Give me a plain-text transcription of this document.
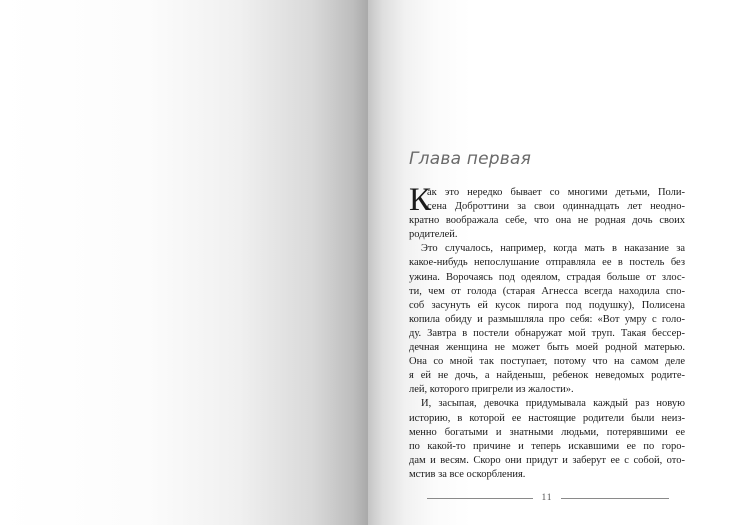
Глава первая
К
ак это нередко бывает со многими детьми, Поли-
сена Доброттини за свои одиннадцать лет неодно-
кратно воображала себе, что она не родная дочь своих
родителей.
Это случалось, например, когда мать в наказание за
какое-нибудь непослушание отправляла ее в постель без
ужина. Ворочаясь под одеялом, страдая больше от злос-
ти, чем от голода (старая Агнесса всегда находила спо-
соб засунуть ей кусок пирога под подушку), Полисена
копила обиду и размышляла про себя: «Вот умру с голо-
ду. Завтра в постели обнаружат мой труп. Такая бессер-
дечная женщина не может быть моей родной матерью.
Она со мной так поступает, потому что на самом деле
я ей не дочь, а найденыш, ребенок неведомых родите-
лей, которого пригрели из жалости».
И, засыпая, девочка придумывала каждый раз новую
историю, в которой ее настоящие родители были неиз-
менно богатыми и знатными людьми, потерявшими ее
по какой-то причине и теперь искавшими ее по горо-
дам и весям. Скоро они придут и заберут ее с собой, ото-
мстив за все оскорбления.
11
